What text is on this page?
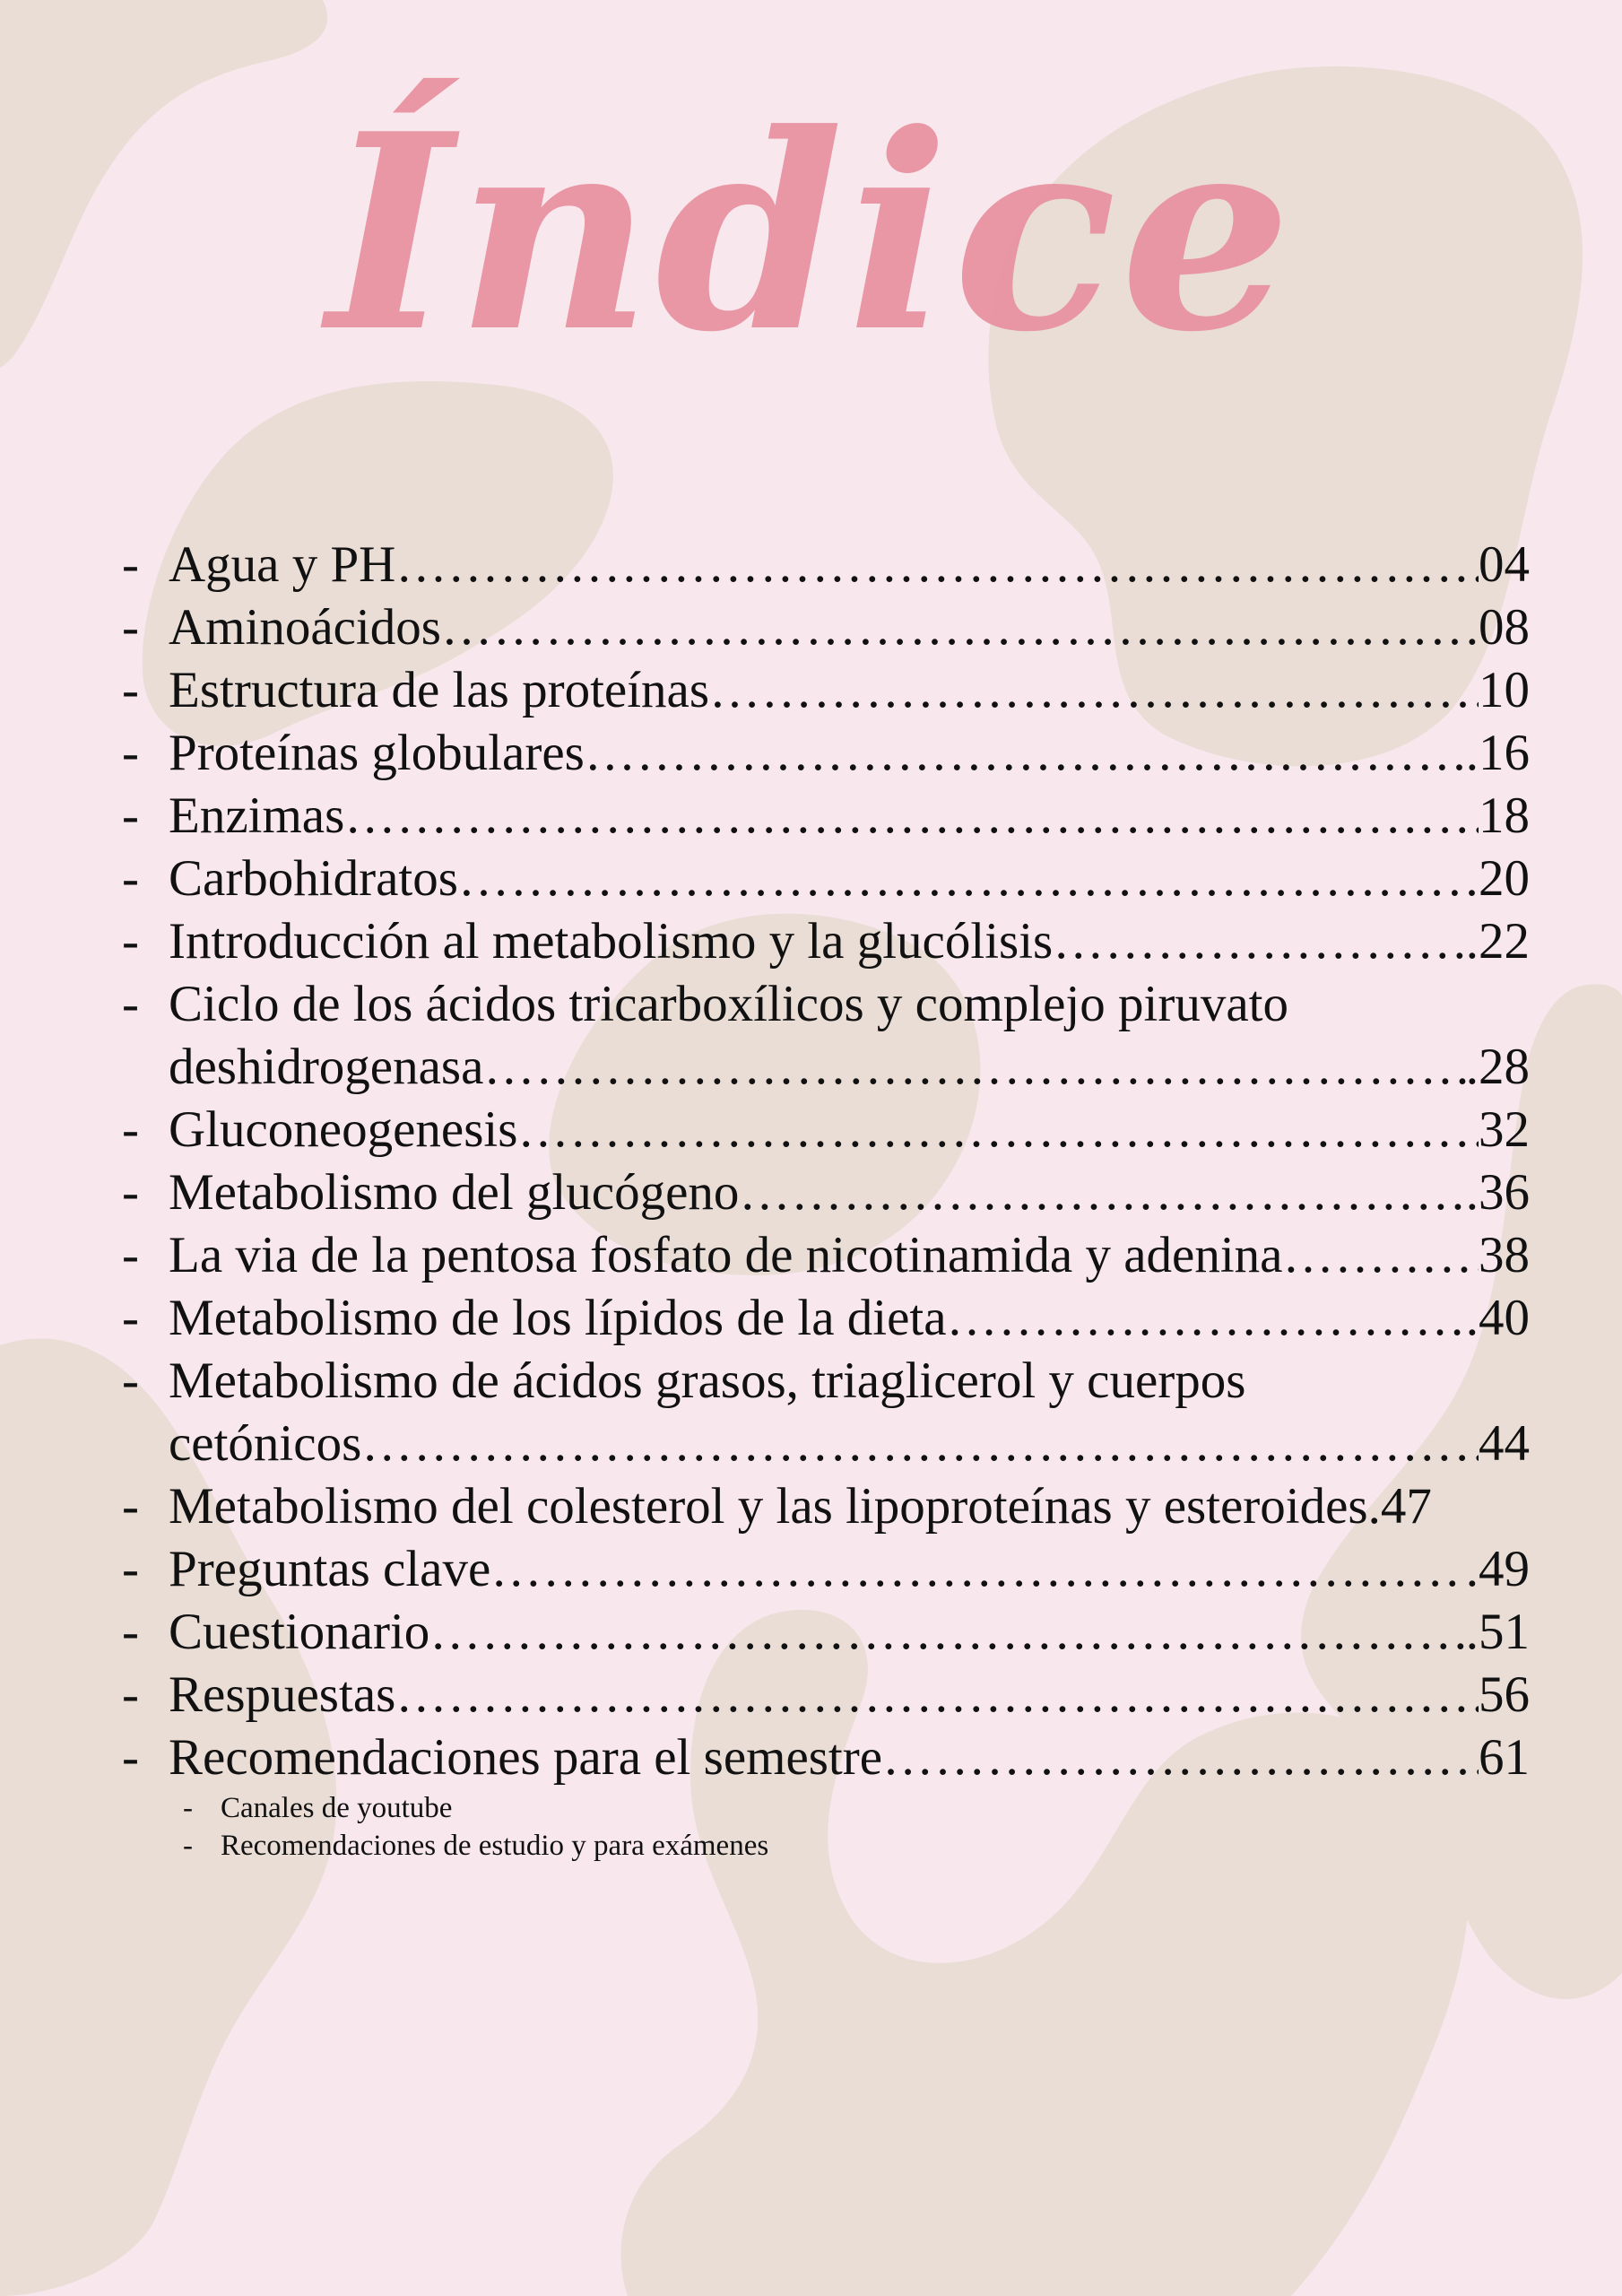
Índice
- Agua y PH ……………………………………………………………………………………………………………………………………………………………………………………	04
- Aminoácidos ……………………………………………………………………………………………………………………………………………………………………………………	.08
- Estructura de las proteínas ……………………………………………………………………………………………………………………………………………………………………………………	10
- Proteínas globulares ……………………………………………………………………………………………………………………………………………………………………………………	.16
- Enzimas ……………………………………………………………………………………………………………………………………………………………………………………	18
- Carbohidratos ……………………………………………………………………………………………………………………………………………………………………………………	20
- Introducción al metabolismo y la glucólisis ……………………………………………………………………………………………………………………………………………………………………………………	.22
- Ciclo de los ácidos tricarboxílicos y complejo piruvato
deshidrogenasa ……………………………………………………………………………………………………………………………………………………………………………………	.28
- Gluconeogenesis ……………………………………………………………………………………………………………………………………………………………………………………	32
- Metabolismo del glucógeno ……………………………………………………………………………………………………………………………………………………………………………………	.36
- La via de la pentosa fosfato de nicotinamida y adenina ……………………………………………………………………………………………………………………………………………………………………………………	38
- Metabolismo de los lípidos de la dieta ……………………………………………………………………………………………………………………………………………………………………………………	.40
- Metabolismo de ácidos grasos, triaglicerol y cuerpos
cetónicos ……………………………………………………………………………………………………………………………………………………………………………………	44
- Metabolismo del colesterol y las lipoproteínas y esteroides .47
- Preguntas clave ……………………………………………………………………………………………………………………………………………………………………………………	.49
- Cuestionario ……………………………………………………………………………………………………………………………………………………………………………………	.51
- Respuestas ……………………………………………………………………………………………………………………………………………………………………………………	56
- Recomendaciones para el semestre ……………………………………………………………………………………………………………………………………………………………………………………	61
- Canales de youtube
- Recomendaciones de estudio y para exámenes
